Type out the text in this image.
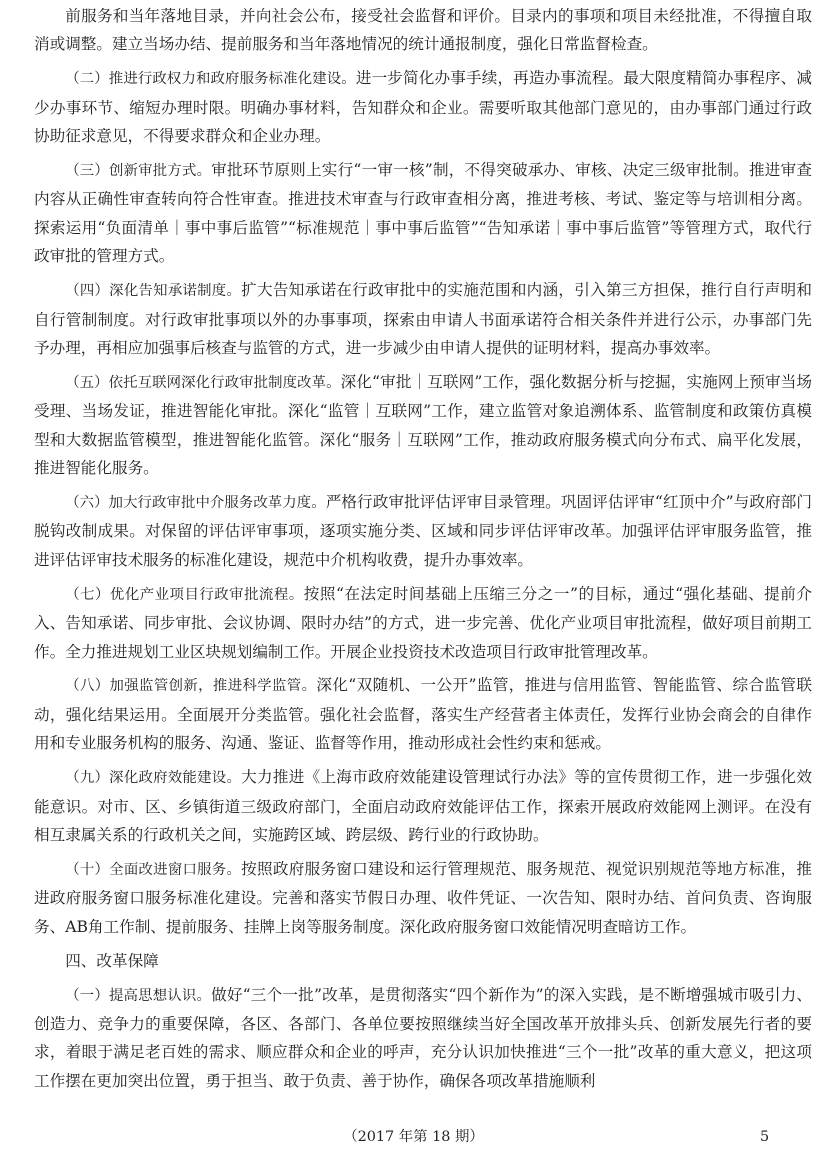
前服务和当年落地目录，并向社会公布，接受社会监督和评价。目录内的事项和项目未经批准，不得擅自取消或调整。建立当场办结、提前服务和当年落地情况的统计通报制度，强化日常监督检查。

（二）推进行政权力和政府服务标准化建设。进一步简化办事手续，再造办事流程。最大限度精简办事程序、减少办事环节、缩短办理时限。明确办事材料，告知群众和企业。需要听取其他部门意见的，由办事部门通过行政协助征求意见，不得要求群众和企业办理。

（三）创新审批方式。审批环节原则上实行“一审一核”制，不得突破承办、审核、决定三级审批制。推进审查内容从正确性审查转向符合性审查。推进技术审查与行政审查相分离，推进考核、考试、鉴定等与培训相分离。探索运用“负面清单｜事中事后监管”“标准规范｜事中事后监管”“告知承诺｜事中事后监管”等管理方式，取代行政审批的管理方式。

（四）深化告知承诺制度。扩大告知承诺在行政审批中的实施范围和内涵，引入第三方担保，推行自行声明和自行管制制度。对行政审批事项以外的办事事项，探索由申请人书面承诺符合相关条件并进行公示，办事部门先予办理，再相应加强事后核查与监管的方式，进一步减少由申请人提供的证明材料，提高办事效率。

（五）依托互联网深化行政审批制度改革。深化“审批｜互联网”工作，强化数据分析与挖掘，实施网上预审当场受理、当场发证，推进智能化审批。深化“监管｜互联网”工作，建立监管对象追溯体系、监管制度和政策仿真模型和大数据监管模型，推进智能化监管。深化“服务｜互联网”工作，推动政府服务模式向分布式、扁平化发展，推进智能化服务。

（六）加大行政审批中介服务改革力度。严格行政审批评估评审目录管理。巩固评估评审“红顶中介”与政府部门脱钩改制成果。对保留的评估评审事项，逐项实施分类、区域和同步评估评审改革。加强评估评审服务监管，推进评估评审技术服务的标准化建设，规范中介机构收费，提升办事效率。

（七）优化产业项目行政审批流程。按照“在法定时间基础上压缩三分之一”的目标，通过“强化基础、提前介入、告知承诺、同步审批、会议协调、限时办结”的方式，进一步完善、优化产业项目审批流程，做好项目前期工作。全力推进规划工业区块规划编制工作。开展企业投资技术改造项目行政审批管理改革。

（八）加强监管创新，推进科学监管。深化“双随机、一公开”监管，推进与信用监管、智能监管、综合监管联动，强化结果运用。全面展开分类监管。强化社会监督，落实生产经营者主体责任，发挥行业协会商会的自律作用和专业服务机构的服务、沟通、鉴证、监督等作用，推动形成社会性约束和惩戒。

（九）深化政府效能建设。大力推进《上海市政府效能建设管理试行办法》等的宣传贯彻工作，进一步强化效能意识。对市、区、乡镇街道三级政府部门，全面启动政府效能评估工作，探索开展政府效能网上测评。在没有相互隶属关系的行政机关之间，实施跨区域、跨层级、跨行业的行政协助。

（十）全面改进窗口服务。按照政府服务窗口建设和运行管理规范、服务规范、视觉识别规范等地方标准，推进政府服务窗口服务标准化建设。完善和落实节假日办理、收件凭证、一次告知、限时办结、首问负责、咨询服务、AB角工作制、提前服务、挂牌上岗等服务制度。深化政府服务窗口效能情况明查暗访工作。

四、改革保障

（一）提高思想认识。做好“三个一批”改革，是贯彻落实“四个新作为”的深入实践，是不断增强城市吸引力、创造力、竞争力的重要保障，各区、各部门、各单位要按照继续当好全国改革开放排头兵、创新发展先行者的要求，着眼于满足老百姓的需求、顺应群众和企业的呼声，充分认识加快推进“三个一批”改革的重大意义，把这项工作摆在更加突出位置，勇于担当、敢于负责、善于协作，确保各项改革措施顺利

（2017 年第 18 期）	5
